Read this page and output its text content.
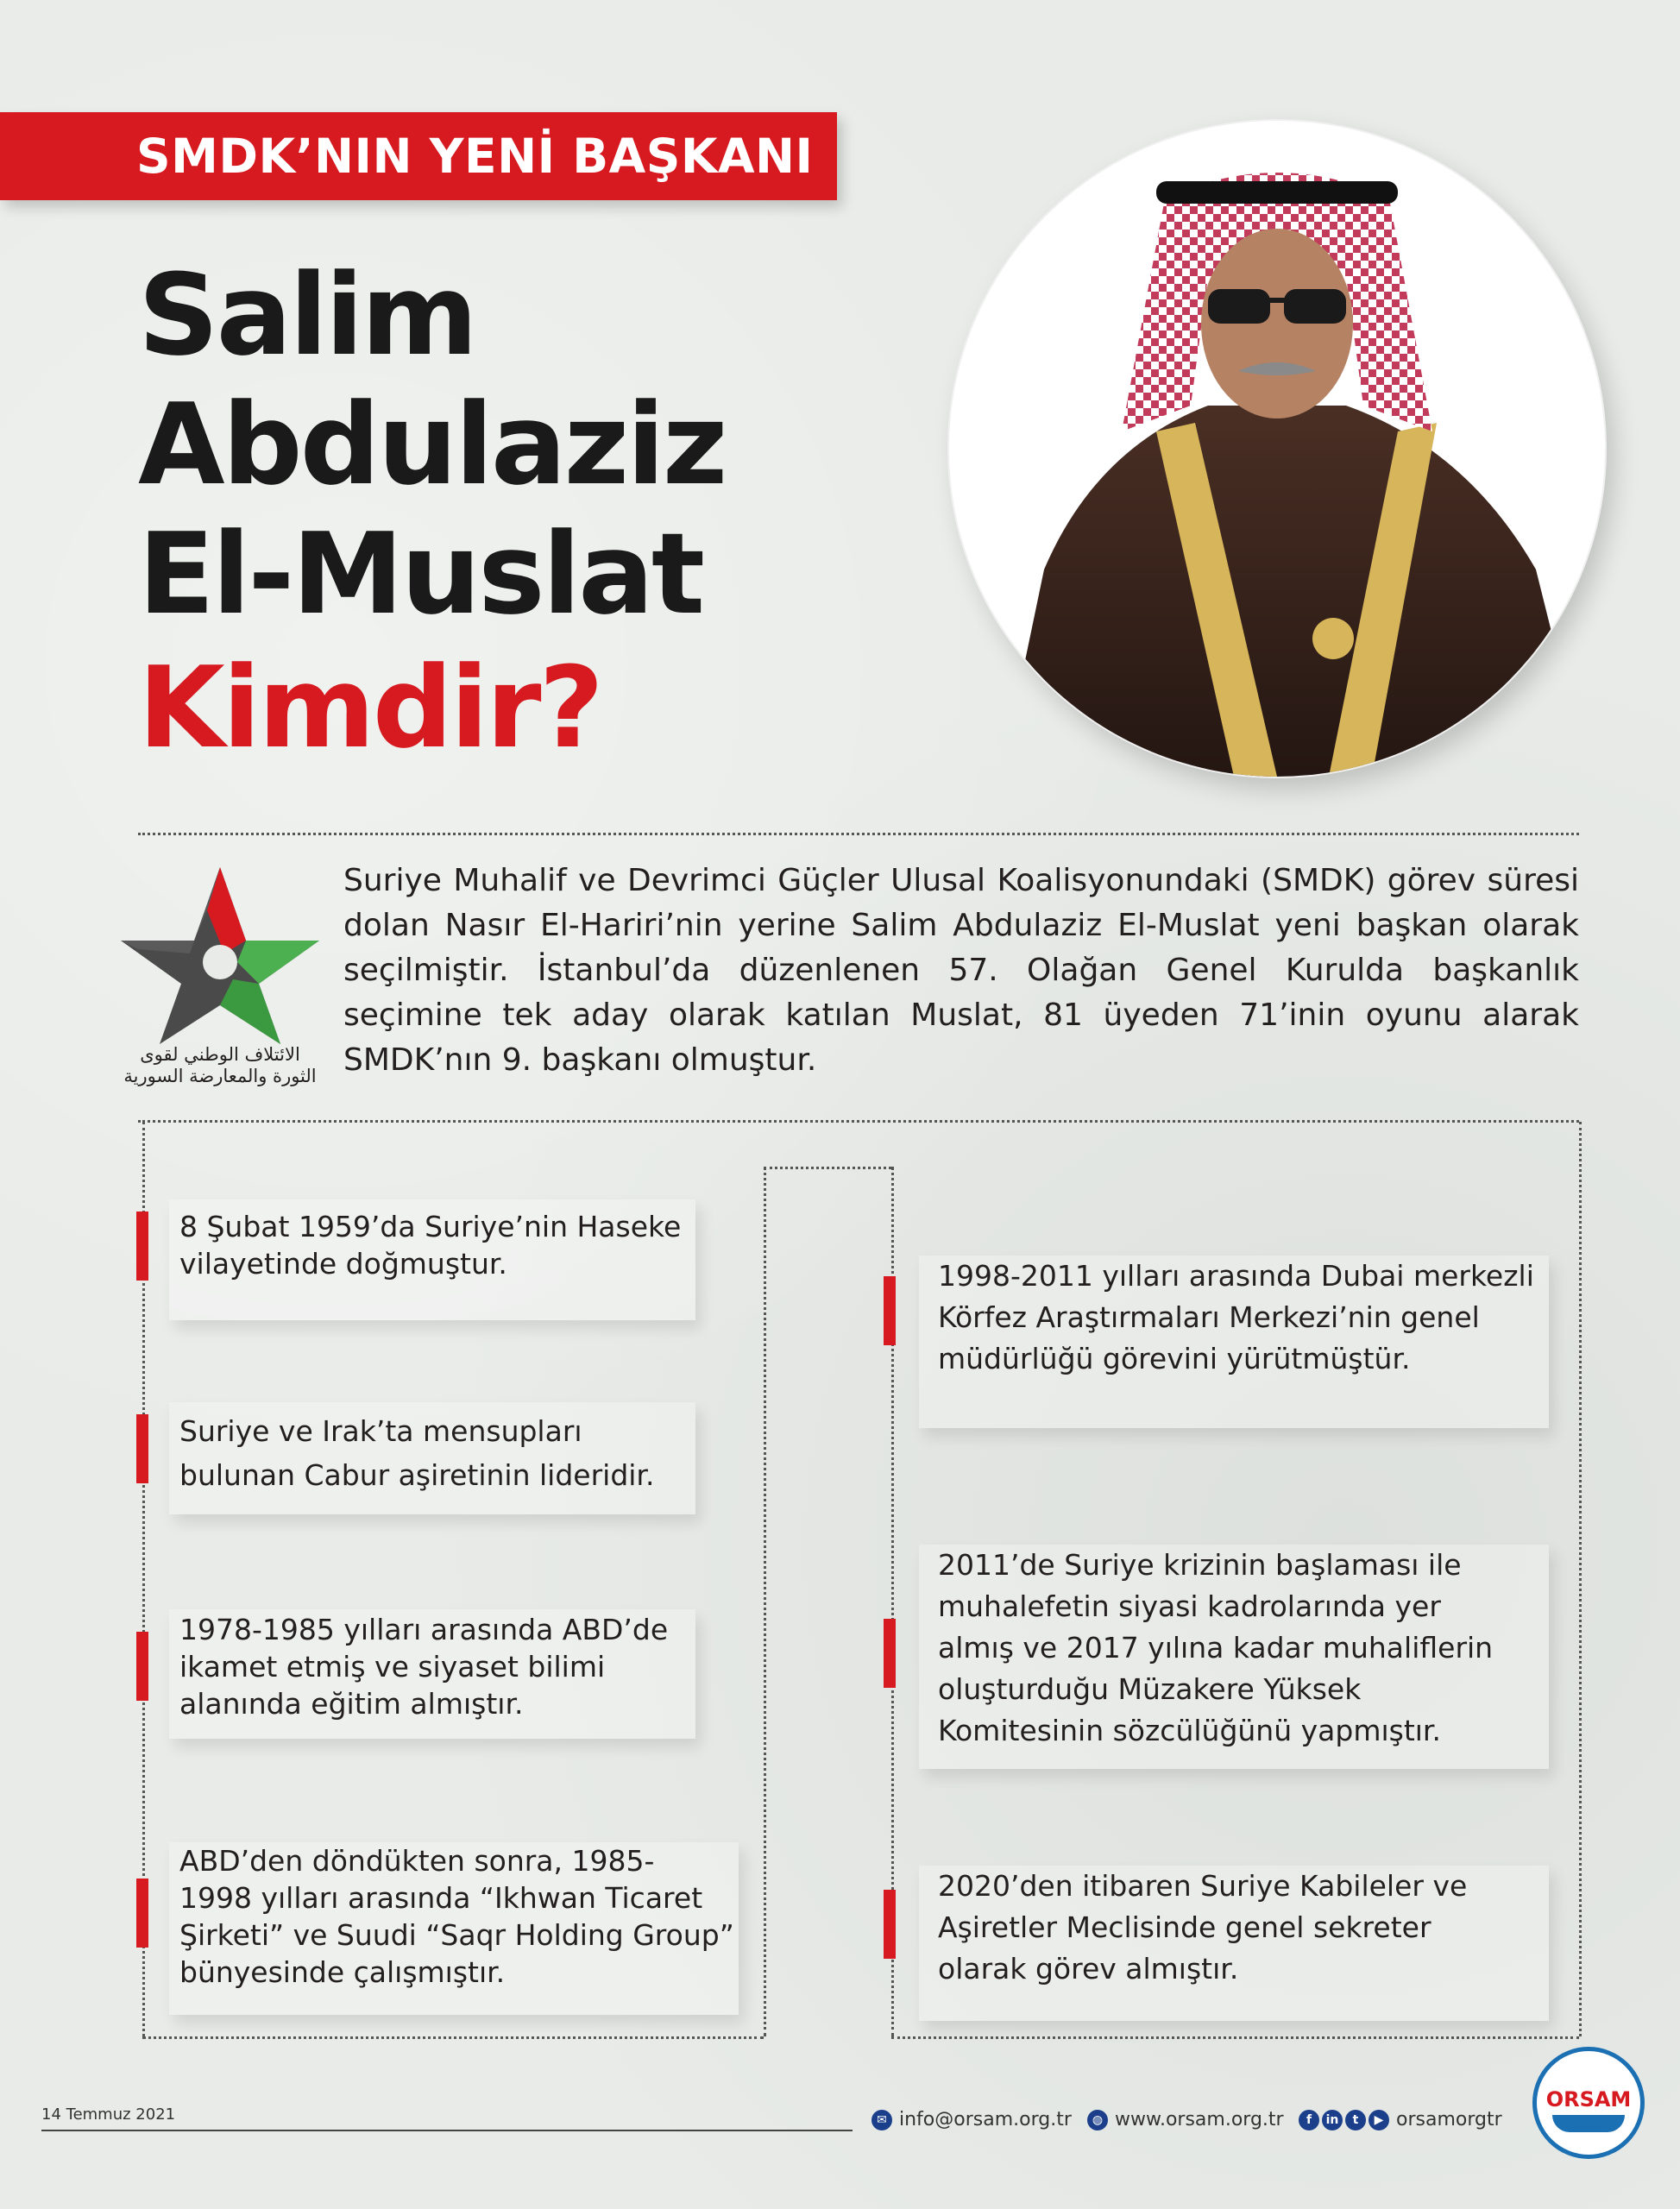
SMDK’NIN YENİ BAŞKANI
Salim
Abdulaziz
El-Muslat
Kimdir?
الائتلاف الوطني لقوى
الثورة والمعارضة السورية
Suriye Muhalif ve Devrimci Güçler Ulusal Koalisyonundaki (SMDK) görev süresi dolan Nasır El-Hariri’nin yerine Salim Abdulaziz El-Muslat yeni başkan olarak seçilmiştir. İstanbul’da düzenlenen 57. Olağan Genel Kurulda başkanlık seçimine tek aday olarak katılan Muslat, 81 üyeden 71’inin oyunu alarak SMDK’nın 9. başkanı olmuştur.
8 Şubat 1959’da Suriye’nin Haseke
vilayetinde doğmuştur.
Suriye ve Irak’ta mensupları
bulunan Cabur aşiretinin lideridir.
1978-1985 yılları arasında ABD’de
ikamet etmiş ve siyaset bilimi
alanında eğitim almıştır.
ABD’den döndükten sonra, 1985-
1998 yılları arasında “Ikhwan Ticaret
Şirketi” ve Suudi “Saqr Holding Group”
bünyesinde çalışmıştır.
1998-2011 yılları arasında Dubai merkezli
Körfez Araştırmaları Merkezi’nin genel
müdürlüğü görevini yürütmüştür.
2011’de Suriye krizinin başlaması ile
muhalefetin siyasi kadrolarında yer
almış ve 2017 yılına kadar muhaliflerin
oluşturduğu Müzakere Yüksek
Komitesinin sözcülüğünü yapmıştır.
2020’den itibaren Suriye Kabileler ve
Aşiretler Meclisinde genel sekreter
olarak görev almıştır.
14 Temmuz 2021	✉ info@orsam.org.tr	◍ www.orsam.org.tr	f in t ▶ orsamorgtr
ORSAM
